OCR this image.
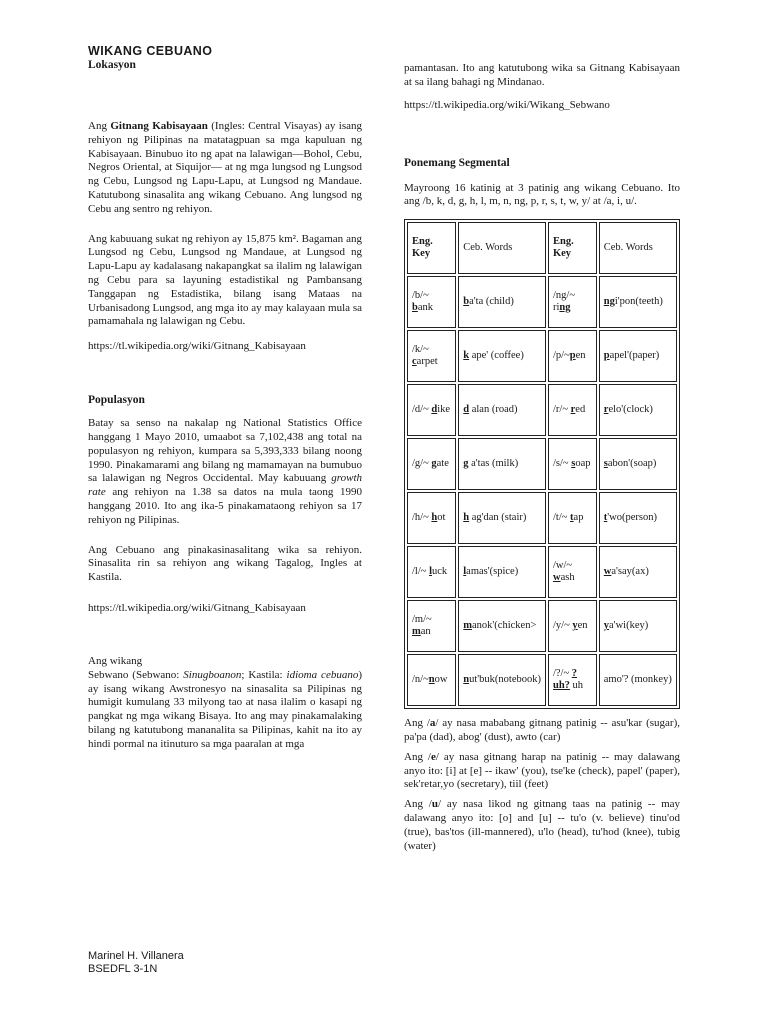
WIKANG CEBUANO
Lokasyon

Ang Gitnang Kabisayaan (Ingles: Central Visayas) ay isang rehiyon ng Pilipinas na matatagpuan sa mga kapuluan ng Kabisayaan. Binubuo ito ng apat na lalawigan—Bohol, Cebu, Negros Oriental, at Siquijor— at ng mga lungsod ng Lungsod ng Cebu, Lungsod ng Lapu-Lapu, at Lungsod ng Mandaue. Katutubong sinasalita ang wikang Cebuano. Ang lungsod ng Cebu ang sentro ng rehiyon.

Ang kabuuang sukat ng rehiyon ay 15,875 km². Bagaman ang Lungsod ng Cebu, Lungsod ng Mandaue, at Lungsod ng Lapu-Lapu ay kadalasang nakapangkat sa ilalim ng lalawigan ng Cebu para sa layuning estadistikal ng Pambansang Tanggapan ng Estadistika, bilang isang Mataas na Urbanisadong Lungsod, ang mga ito ay may kalayaan mula sa pamamahala ng lalawigan ng Cebu.

https://tl.wikipedia.org/wiki/Gitnang_Kabisayaan

Populasyon

Batay sa senso na nakalap ng National Statistics Office hanggang 1 Mayo 2010, umaabot sa 7,102,438 ang total na populasyon ng rehiyon, kumpara sa 5,393,333 bilang noong 1990. Pinakamarami ang bilang ng mamamayan na bumubuo sa lalawigan ng Negros Occidental. May kabuuang growth rate ang rehiyon na 1.38 sa datos na mula taong 1990 hanggang 2010. Ito ang ika-5 pinakamataong rehiyon sa 17 rehiyon ng Pilipinas.

Ang Cebuano ang pinakasinasalitang wika sa rehiyon. Sinasalita rin sa rehiyon ang wikang Tagalog, Ingles at Kastila.

https://tl.wikipedia.org/wiki/Gitnang_Kabisayaan

Ang wikang

Sebwano (Sebwano: Sinugboanon; Kastila: idioma cebuano) ay isang wikang Awstronesyo na sinasalita sa Pilipinas ng humigit kumulang 33 milyong tao at nasa ilalim o kasapi ng pangkat ng mga wikang Bisaya. Ito ang may pinakamalaking bilang ng katutubong mananalita sa Pilipinas, kahit na ito ay hindi pormal na itinuturo sa mga paaralan at mga

pamantasan. Ito ang katutubong wika sa Gitnang Kabisayaan at sa ilang bahagi ng Mindanao.

https://tl.wikipedia.org/wiki/Wikang_Sebwano

Ponemang Segmental

Mayroong 16 katinig at 3 patinig ang wikang Cebuano. Ito ang /b, k, d, g, h, l, m, n, ng, p, r, s, t, w, y/ at /a, i, u/.

Eng. Key	Ceb. Words	Eng. Key	Ceb. Words
/b/~ bank	ba'ta (child)	/ng/~ ring	ngi'pon(teeth)
/k/~ carpet	k ape' (coffee)	/p/~pen	papel'(paper)
/d/~ dike	d alan (road)	/r/~ red	relo'(clock)
/g/~ gate	g a'tas (milk)	/s/~ soap	sabon'(soap)
/h/~ hot	h ag'dan (stair)	/t/~ tap	t'wo(person)
/l/~ luck	lamas'(spice)	/w/~ wash	wa'say(ax)
/m/~ man	manok'(chicken>	/y/~ yen	ya'wi(key)
/n/~now	nut'buk(notebook)	/?/~ ?uh? uh	amo'? (monkey)

Ang /a/ ay nasa mababang gitnang patinig -- asu'kar (sugar), pa'pa (dad), abog' (dust), awto (car)

Ang /e/ ay nasa gitnang harap na patinig -- may dalawang anyo ito: [i] at [e] -- ikaw' (you), tse'ke (check), papel' (paper), sek'retar,yo (secretary), tiil (feet)

Ang /u/ ay nasa likod ng gitnang taas na patinig -- may dalawang anyo ito: [o] and [u] -- tu'o (v. believe) tinu'od (true), bas'tos (ill-mannered), u'lo (head), tu'hod (knee), tubig (water)

Marinel H. Villanera
BSEDFL 3-1N
